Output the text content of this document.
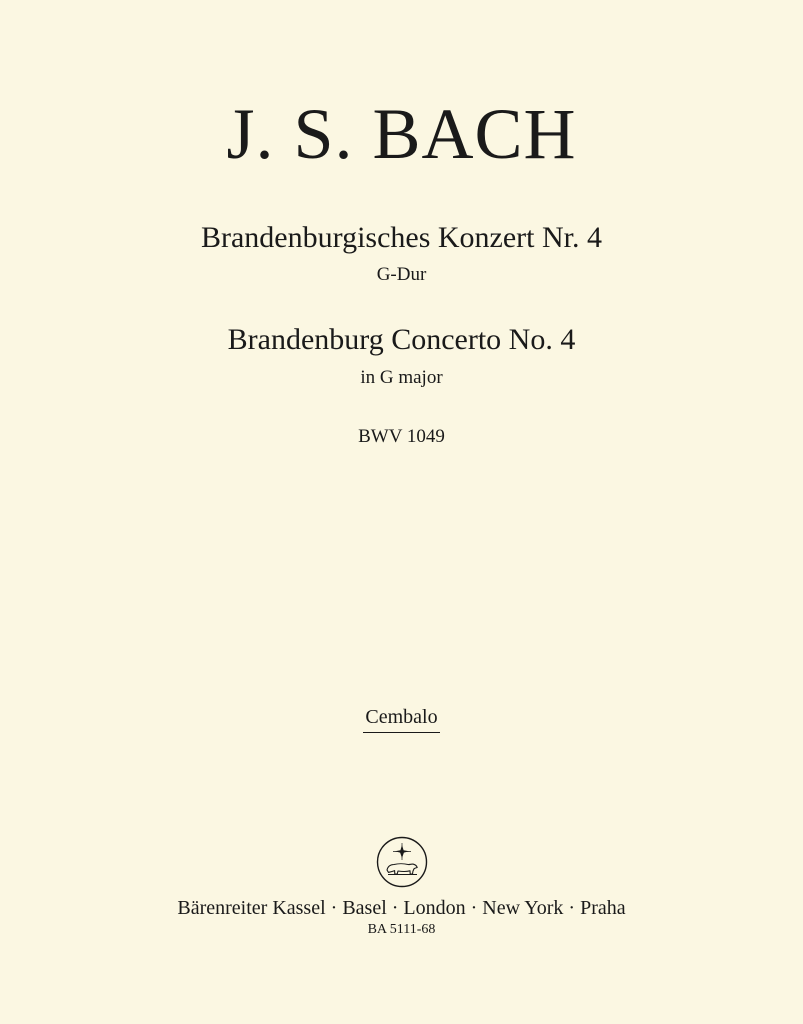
J. S. BACH
Brandenburgisches Konzert Nr. 4
G-Dur
Brandenburg Concerto No. 4
in G major
BWV 1049
Cembalo
Bärenreiter Kassel · Basel · London · New York · Praha
BA 5111-68
